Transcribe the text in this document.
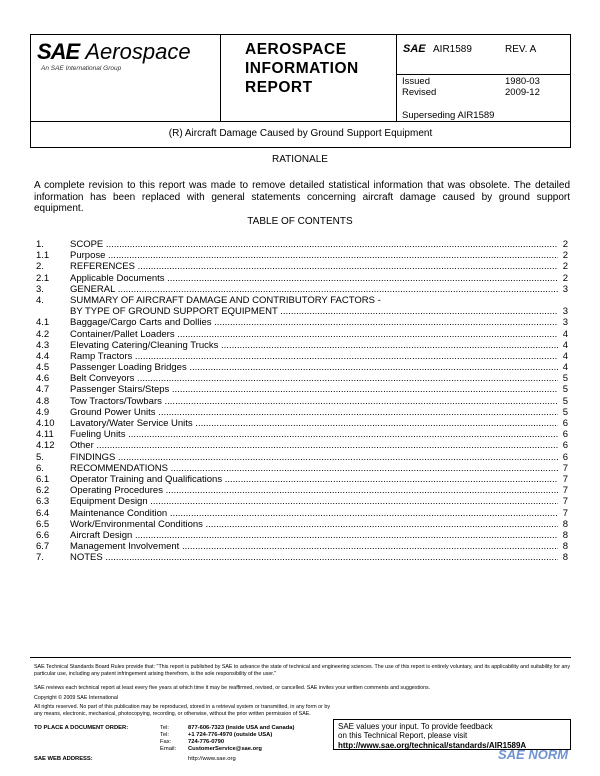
SAE Aerospace
An SAE International Group
AEROSPACE
INFORMATION
REPORT
SAE AIR1589	REV. A
Issued	1980-03
Revised	2009-12
Superseding AIR1589
(R) Aircraft Damage Caused by Ground Support Equipment
RATIONALE
A complete revision to this report was made to remove detailed statistical information that was obsolete. The detailed information has been replaced with general statements concerning aircraft damage caused by ground support equipment.
TABLE OF CONTENTS
1.	SCOPE .....	2
1.1	Purpose .....	2
2.	REFERENCES .....	2
2.1	Applicable Documents .....	2
3.	GENERAL .....	3
4.	SUMMARY OF AIRCRAFT DAMAGE AND CONTRIBUTORY FACTORS -
BY TYPE OF GROUND SUPPORT EQUIPMENT .....	3
4.1	Baggage/Cargo Carts and Dollies .....	3
4.2	Container/Pallet Loaders .....	4
4.3	Elevating Catering/Cleaning Trucks .....	4
4.4	Ramp Tractors .....	4
4.5	Passenger Loading Bridges .....	4
4.6	Belt Conveyors .....	5
4.7	Passenger Stairs/Steps .....	5
4.8	Tow Tractors/Towbars .....	5
4.9	Ground Power Units .....	5
4.10	Lavatory/Water Service Units .....	6
4.11	Fueling Units .....	6
4.12	Other .....	6
5.	FINDINGS .....	6
6.	RECOMMENDATIONS .....	7
6.1	Operator Training and Qualifications .....	7
6.2	Operating Procedures .....	7
6.3	Equipment Design .....	7
6.4	Maintenance Condition .....	7
6.5	Work/Environmental Conditions .....	8
6.6	Aircraft Design .....	8
6.7	Management Involvement .....	8
7.	NOTES .....	8
SAE Technical Standards Board Rules provide that: "This report is published by SAE to advance the state of technical and engineering sciences. The use of this report is entirely voluntary, and its applicability and suitability for any particular use, including any patent infringement arising therefrom, is the sole responsibility of the user."
SAE reviews each technical report at least every five years at which time it may be reaffirmed, revised, or cancelled. SAE invites your written comments and suggestions.
Copyright © 2009 SAE International
All rights reserved. No part of this publication may be reproduced, stored in a retrieval system or transmitted, in any form or by any means, electronic, mechanical, photocopying, recording, or otherwise, without the prior written permission of SAE.
TO PLACE A DOCUMENT ORDER:	Tel:	877-606-7323 (inside USA and Canada)
Tel:	+1 724-776-4970 (outside USA)
Fax:	724-776-0790
Email: CustomerService@sae.org
SAE WEB ADDRESS:	http://www.sae.org
SAE values your input. To provide feedback
on this Technical Report, please visit
http://www.sae.org/technical/standards/AIR1589A
SAE NORM
